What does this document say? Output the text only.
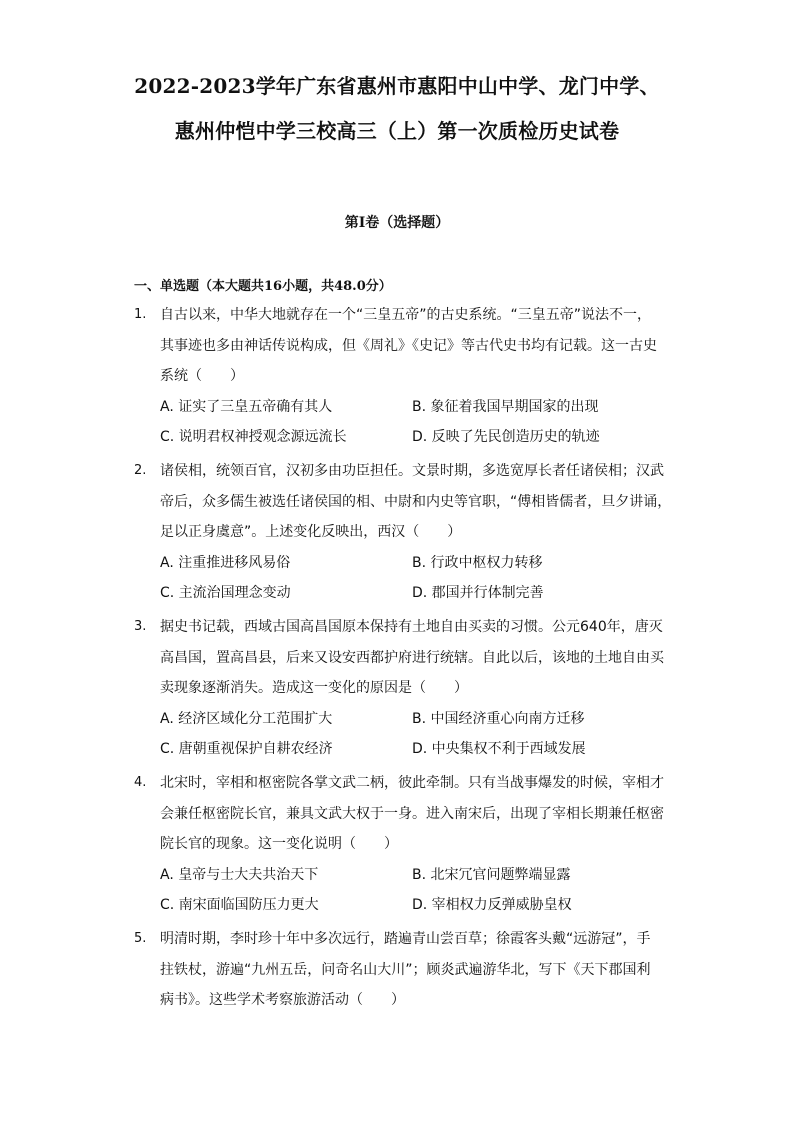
2022-2023学年广东省惠州市惠阳中山中学、龙门中学、
惠州仲恺中学三校高三（上）第一次质检历史试卷
第I卷（选择题）
一、单选题（本大题共16小题，共48.0分）
1. 自古以来，中华大地就存在一个“三皇五帝”的古史系统。“三皇五帝”说法不一，
其事迹也多由神话传说构成，但《周礼》《史记》等古代史书均有记载。这一古史
系统（　　）
A. 证实了三皇五帝确有其人	B. 象征着我国早期国家的出现
C. 说明君权神授观念源远流长	D. 反映了先民创造历史的轨迹
2. 诸侯相，统领百官，汉初多由功臣担任。文景时期，多选宽厚长者任诸侯相；汉武
帝后，众多儒生被选任诸侯国的相、中尉和内史等官职，“傅相皆儒者，旦夕讲诵，
足以正身虞意”。上述变化反映出，西汉（　　）
A. 注重推进移风易俗	B. 行政中枢权力转移
C. 主流治国理念变动	D. 郡国并行体制完善
3. 据史书记载，西域古国高昌国原本保持有土地自由买卖的习惯。公元640年，唐灭
高昌国，置高昌县，后来又设安西都护府进行统辖。自此以后，该地的土地自由买
卖现象逐渐消失。造成这一变化的原因是（　　）
A. 经济区域化分工范围扩大	B. 中国经济重心向南方迁移
C. 唐朝重视保护自耕农经济	D. 中央集权不利于西域发展
4. 北宋时，宰相和枢密院各掌文武二柄，彼此牵制。只有当战事爆发的时候，宰相才
会兼任枢密院长官，兼具文武大权于一身。进入南宋后，出现了宰相长期兼任枢密
院长官的现象。这一变化说明（　　）
A. 皇帝与士大夫共治天下	B. 北宋冗官问题弊端显露
C. 南宋面临国防压力更大	D. 宰相权力反弹威胁皇权
5. 明清时期，李时珍十年中多次远行，踏遍青山尝百草；徐霞客头戴“远游冠”，手
拄铁杖，游遍“九州五岳，问奇名山大川”；顾炎武遍游华北，写下《天下郡国利
病书》。这些学术考察旅游活动（　　）
